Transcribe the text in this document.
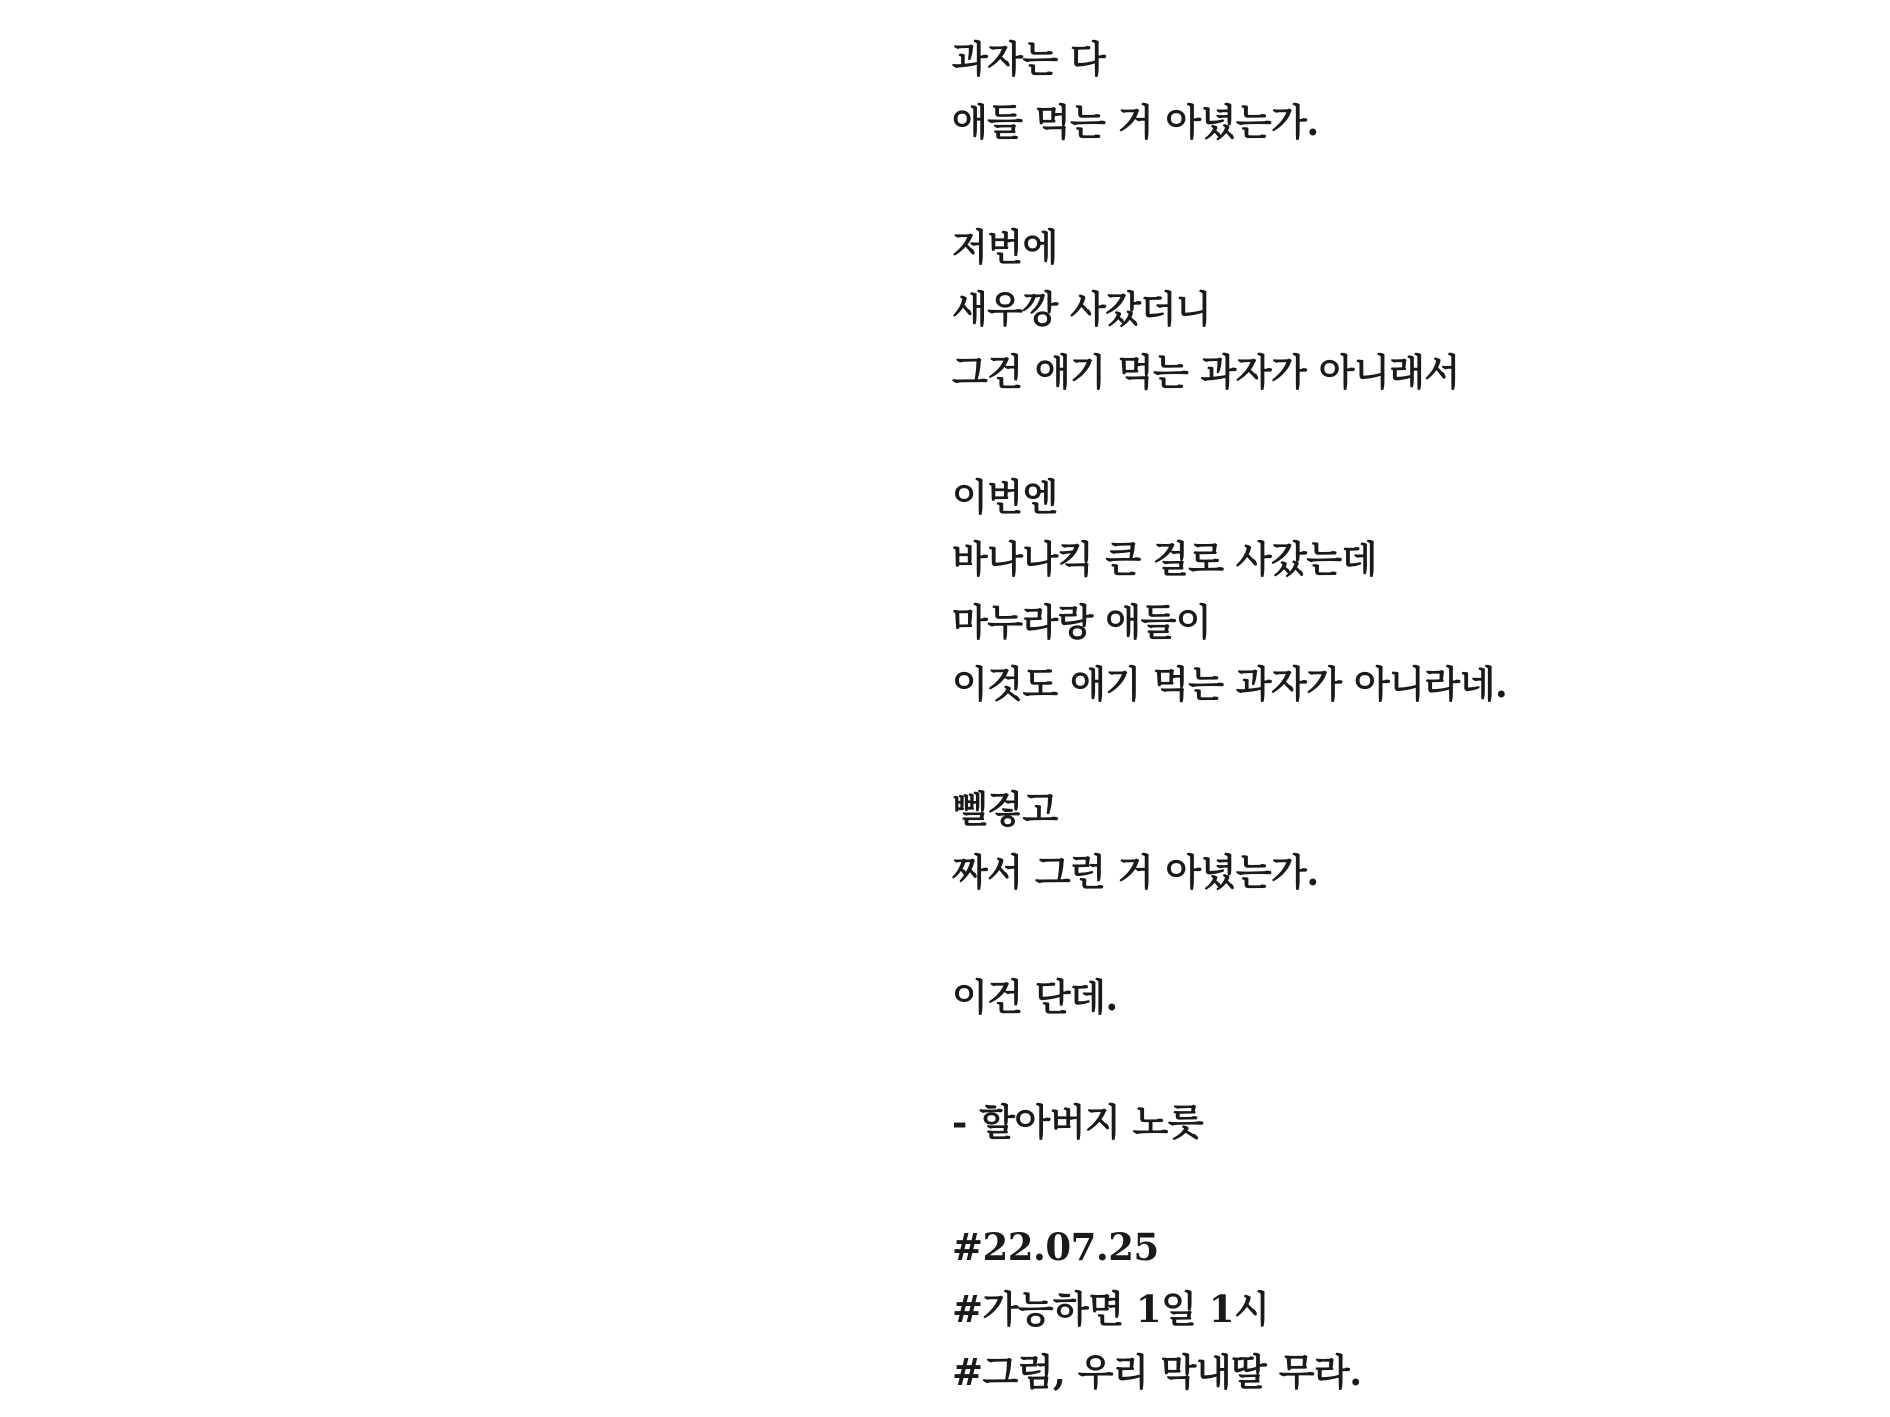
과자는 다
애들 먹는 거 아녔는가.
저번에
새우깡 사갔더니
그건 애기 먹는 과자가 아니래서
이번엔
바나나킥 큰 걸로 사갔는데
마누라랑 애들이
이것도 애기 먹는 과자가 아니라네.
뻴겋고
짜서 그런 거 아녔는가.
이건 단데.
- 할아버지 노릇
#22.07.25
#가능하면 1일 1시
#그럼, 우리 막내딸 무라.
